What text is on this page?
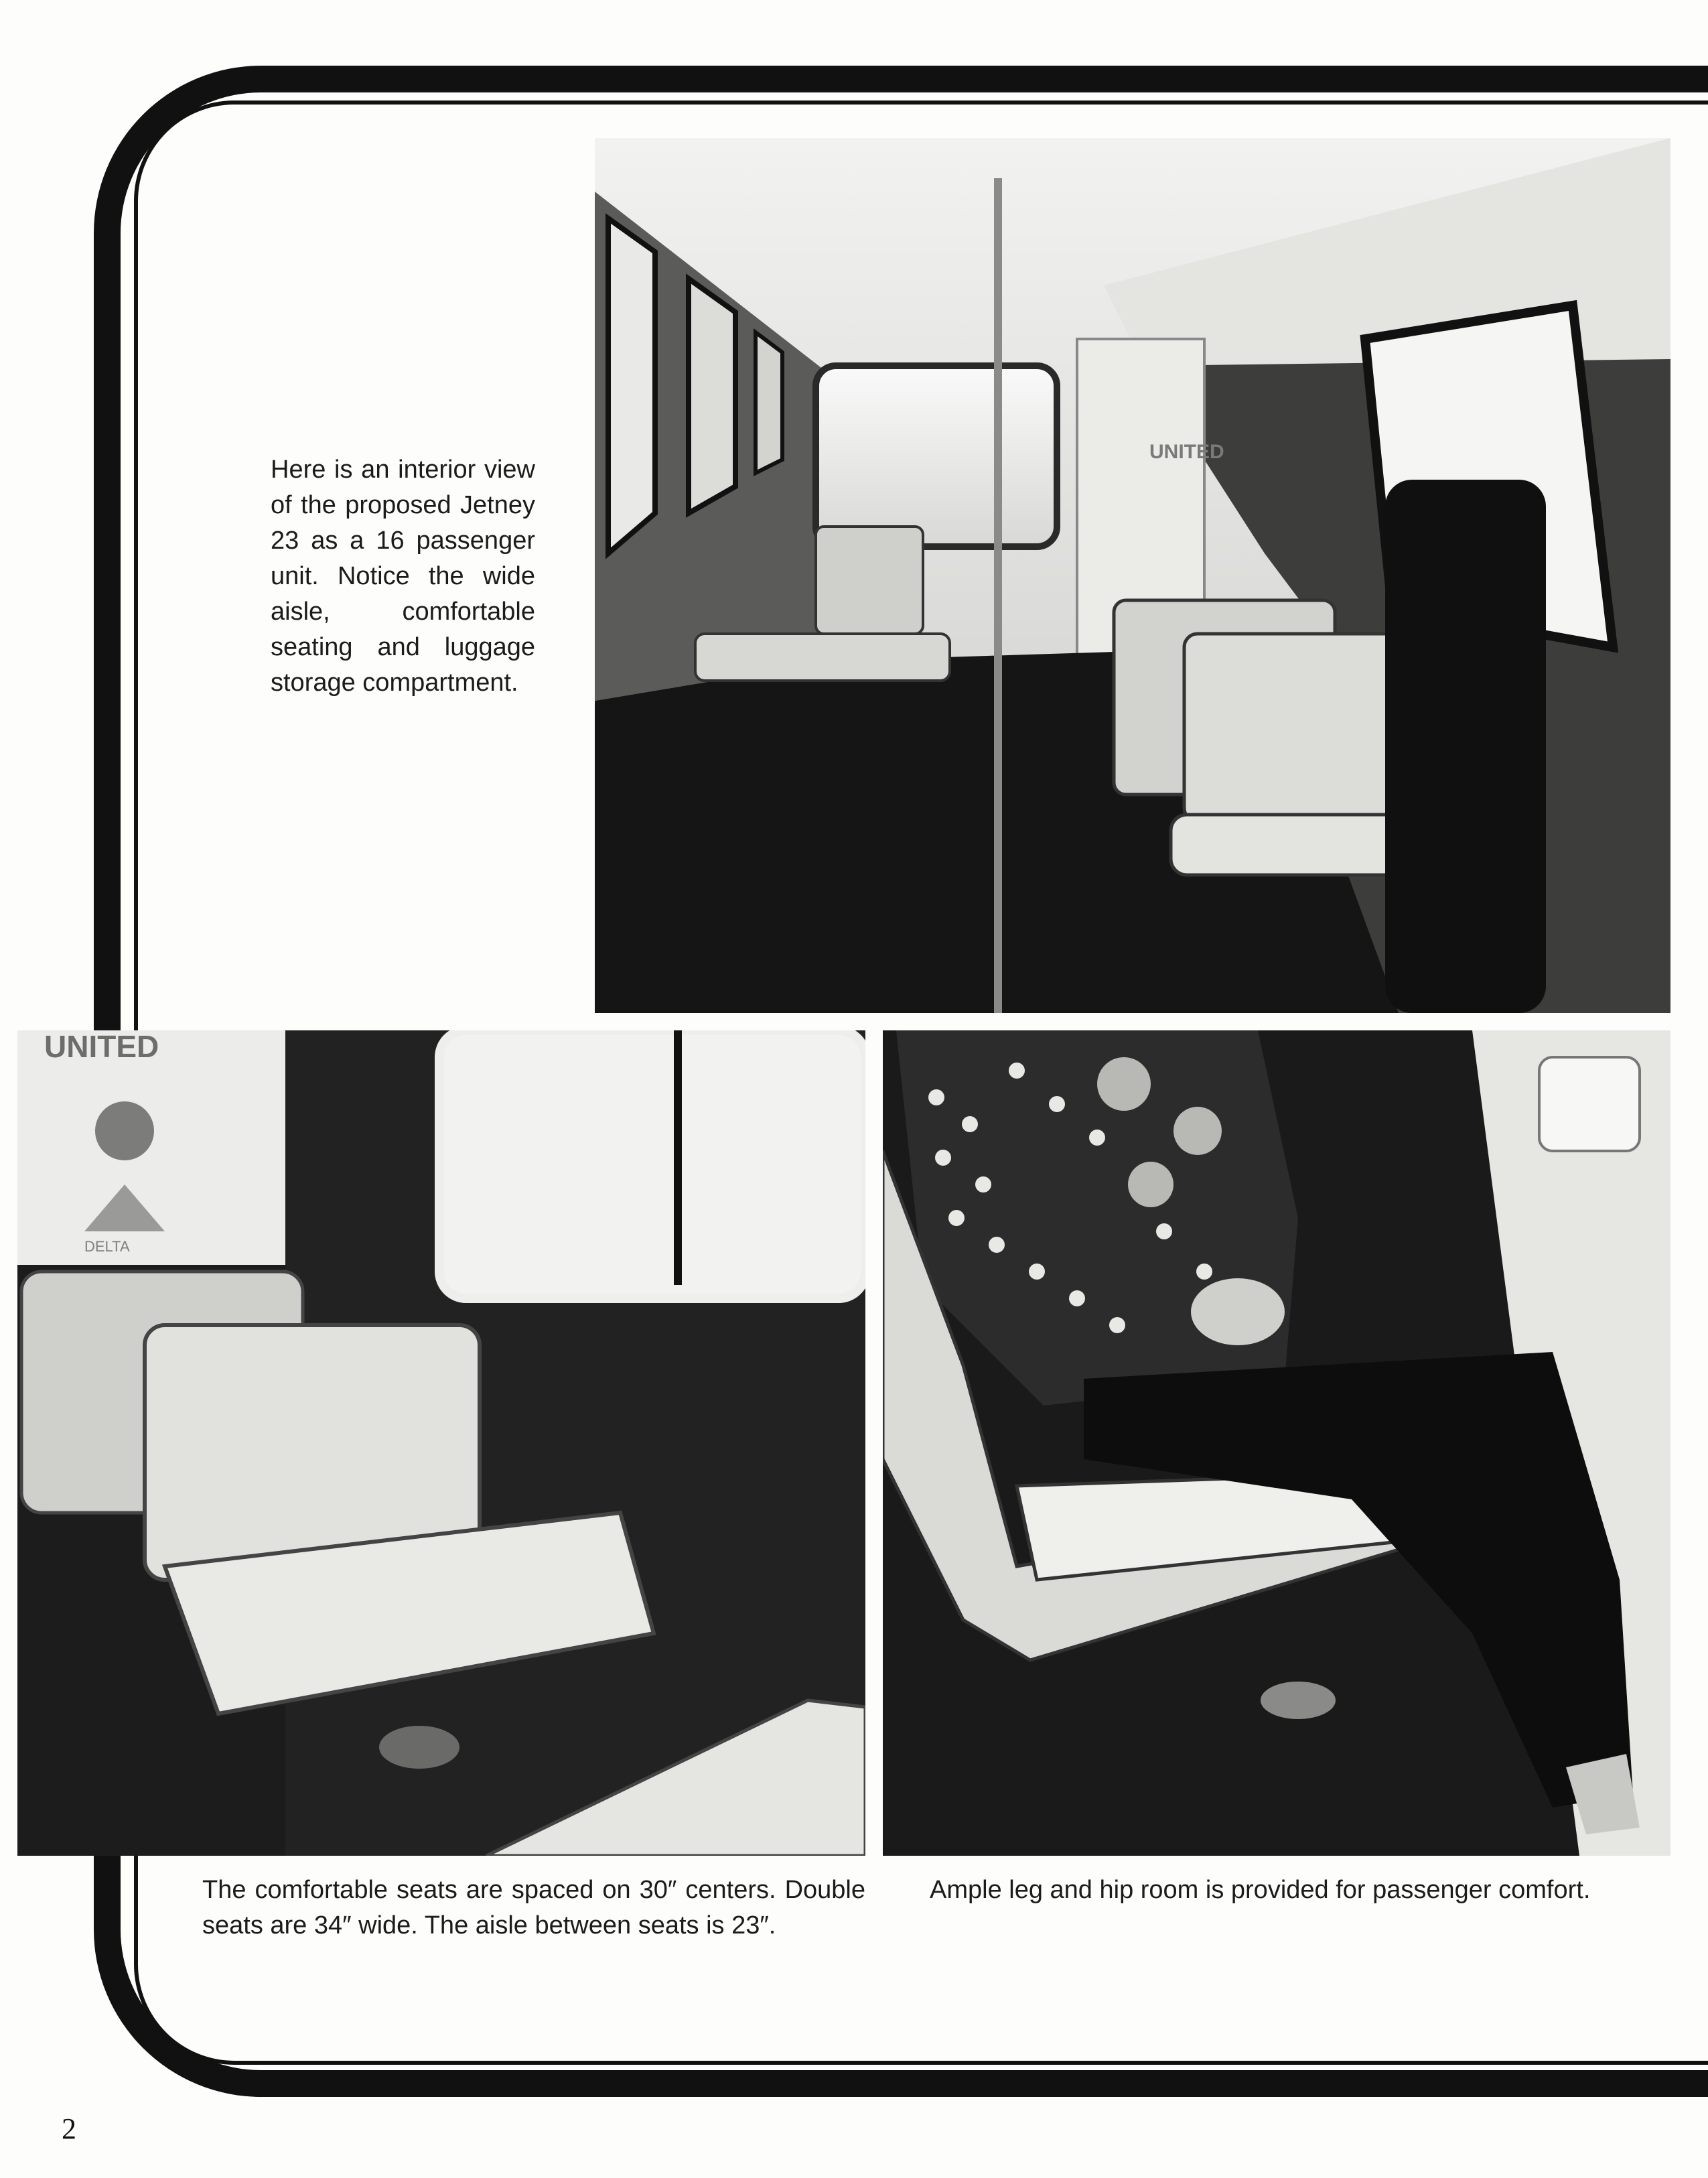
UNITED

Here is an interior view of the proposed Jetney 23 as a 16 passenger unit. Notice the wide aisle, comfortable seating and luggage storage compartment.

UNITED
DELTA

The comfortable seats are spaced on 30″ centers. Double seats are 34″ wide. The aisle between seats is 23″.

Ample leg and hip room is provided for passenger comfort.

2
